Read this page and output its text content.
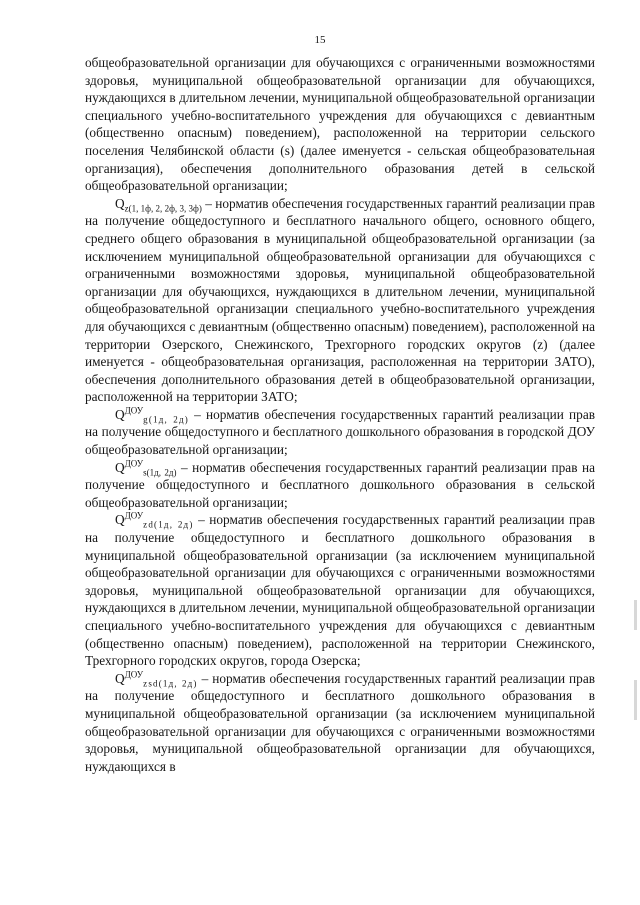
15

общеобразовательной организации для обучающихся с ограниченными возможностями здоровья, муниципальной общеобразовательной организации для обучающихся, нуждающихся в длительном лечении, муниципальной общеобразовательной организации специального учебно-воспитательного учреждения для обучающихся с девиантным (общественно опасным) поведением), расположенной на территории сельского поселения Челябинской области (s) (далее именуется - сельская общеобразовательная организация), обеспечения дополнительного образования детей в сельской общеобразовательной организации;

$Q_{z(1, 1ф, 2, 2ф, 3, 3ф)}$ – норматив обеспечения государственных гарантий реализации прав на получение общедоступного и бесплатного начального общего, основного общего, среднего общего образования в муниципальной общеобразовательной организации (за исключением муниципальной общеобразовательной организации для обучающихся с ограниченными возможностями здоровья, муниципальной общеобразовательной организации для обучающихся, нуждающихся в длительном лечении, муниципальной общеобразовательной организации специального учебно-воспитательного учреждения для обучающихся с девиантным (общественно опасным) поведением), расположенной на территории Озерского, Снежинского, Трехгорного городских округов (z) (далее именуется - общеобразовательная организация, расположенная на территории ЗАТО), обеспечения дополнительного образования детей в общеобразовательной организации, расположенной на территории ЗАТО;

$Q^{ДОУ}_{g(1д, 2д)}$ – норматив обеспечения государственных гарантий реализации прав на получение общедоступного и бесплатного дошкольного образования в городской ДОУ общеобразовательной организации;

$Q^{ДОУ}_{s(1д, 2д)}$ – норматив обеспечения государственных гарантий реализации прав на получение общедоступного и бесплатного дошкольного образования в сельской общеобразовательной организации;

$Q^{ДОУ}_{zd(1д, 2д)}$ – норматив обеспечения государственных гарантий реализации прав на получение общедоступного и бесплатного дошкольного образования в муниципальной общеобразовательной организации (за исключением муниципальной общеобразовательной организации для обучающихся с ограниченными возможностями здоровья, муниципальной общеобразовательной организации для обучающихся, нуждающихся в длительном лечении, муниципальной общеобразовательной организации специального учебно-воспитательного учреждения для обучающихся с девиантным (общественно опасным) поведением), расположенной на территории Снежинского, Трехгорного городских округов, города Озерска;

$Q^{ДОУ}_{zsd(1д, 2д)}$ – норматив обеспечения государственных гарантий реализации прав на получение общедоступного и бесплатного дошкольного образования в муниципальной общеобразовательной организации (за исключением муниципальной общеобразовательной организации для обучающихся с ограниченными возможностями здоровья, муниципальной общеобразовательной организации для обучающихся, нуждающихся в
